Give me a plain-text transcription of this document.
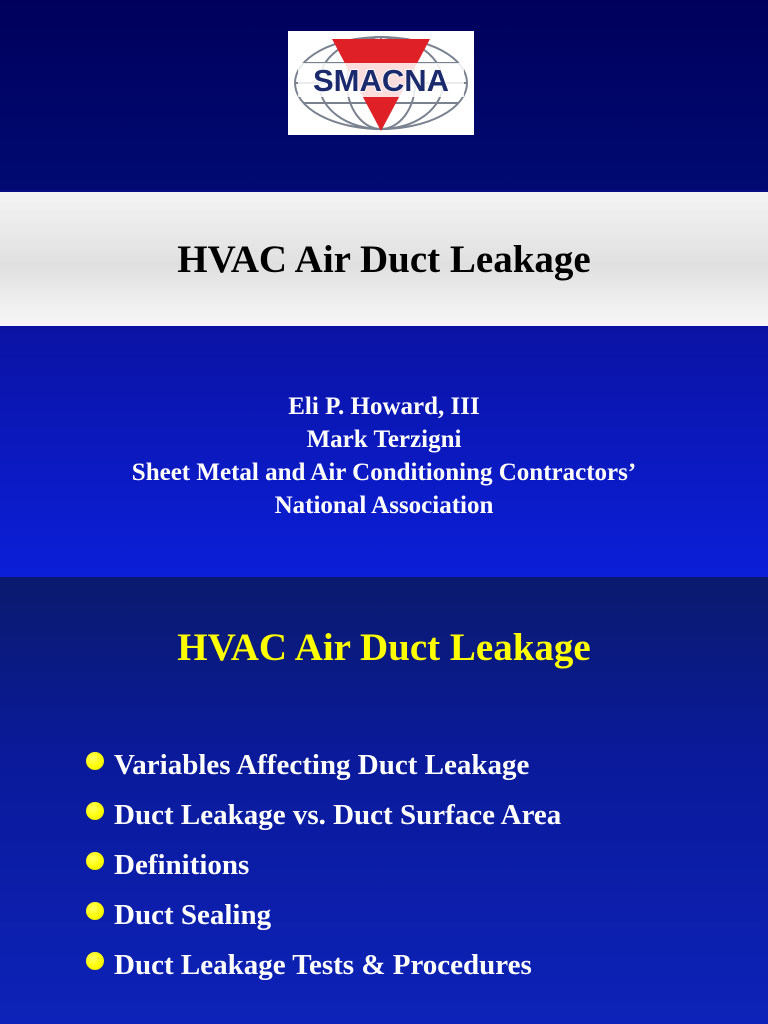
SMACNA
HVAC Air Duct Leakage
Eli P. Howard, III
Mark Terzigni
Sheet Metal and Air Conditioning Contractors’
National Association
HVAC Air Duct Leakage
Variables Affecting Duct Leakage
Duct Leakage vs. Duct Surface Area
Definitions
Duct Sealing
Duct Leakage Tests & Procedures
